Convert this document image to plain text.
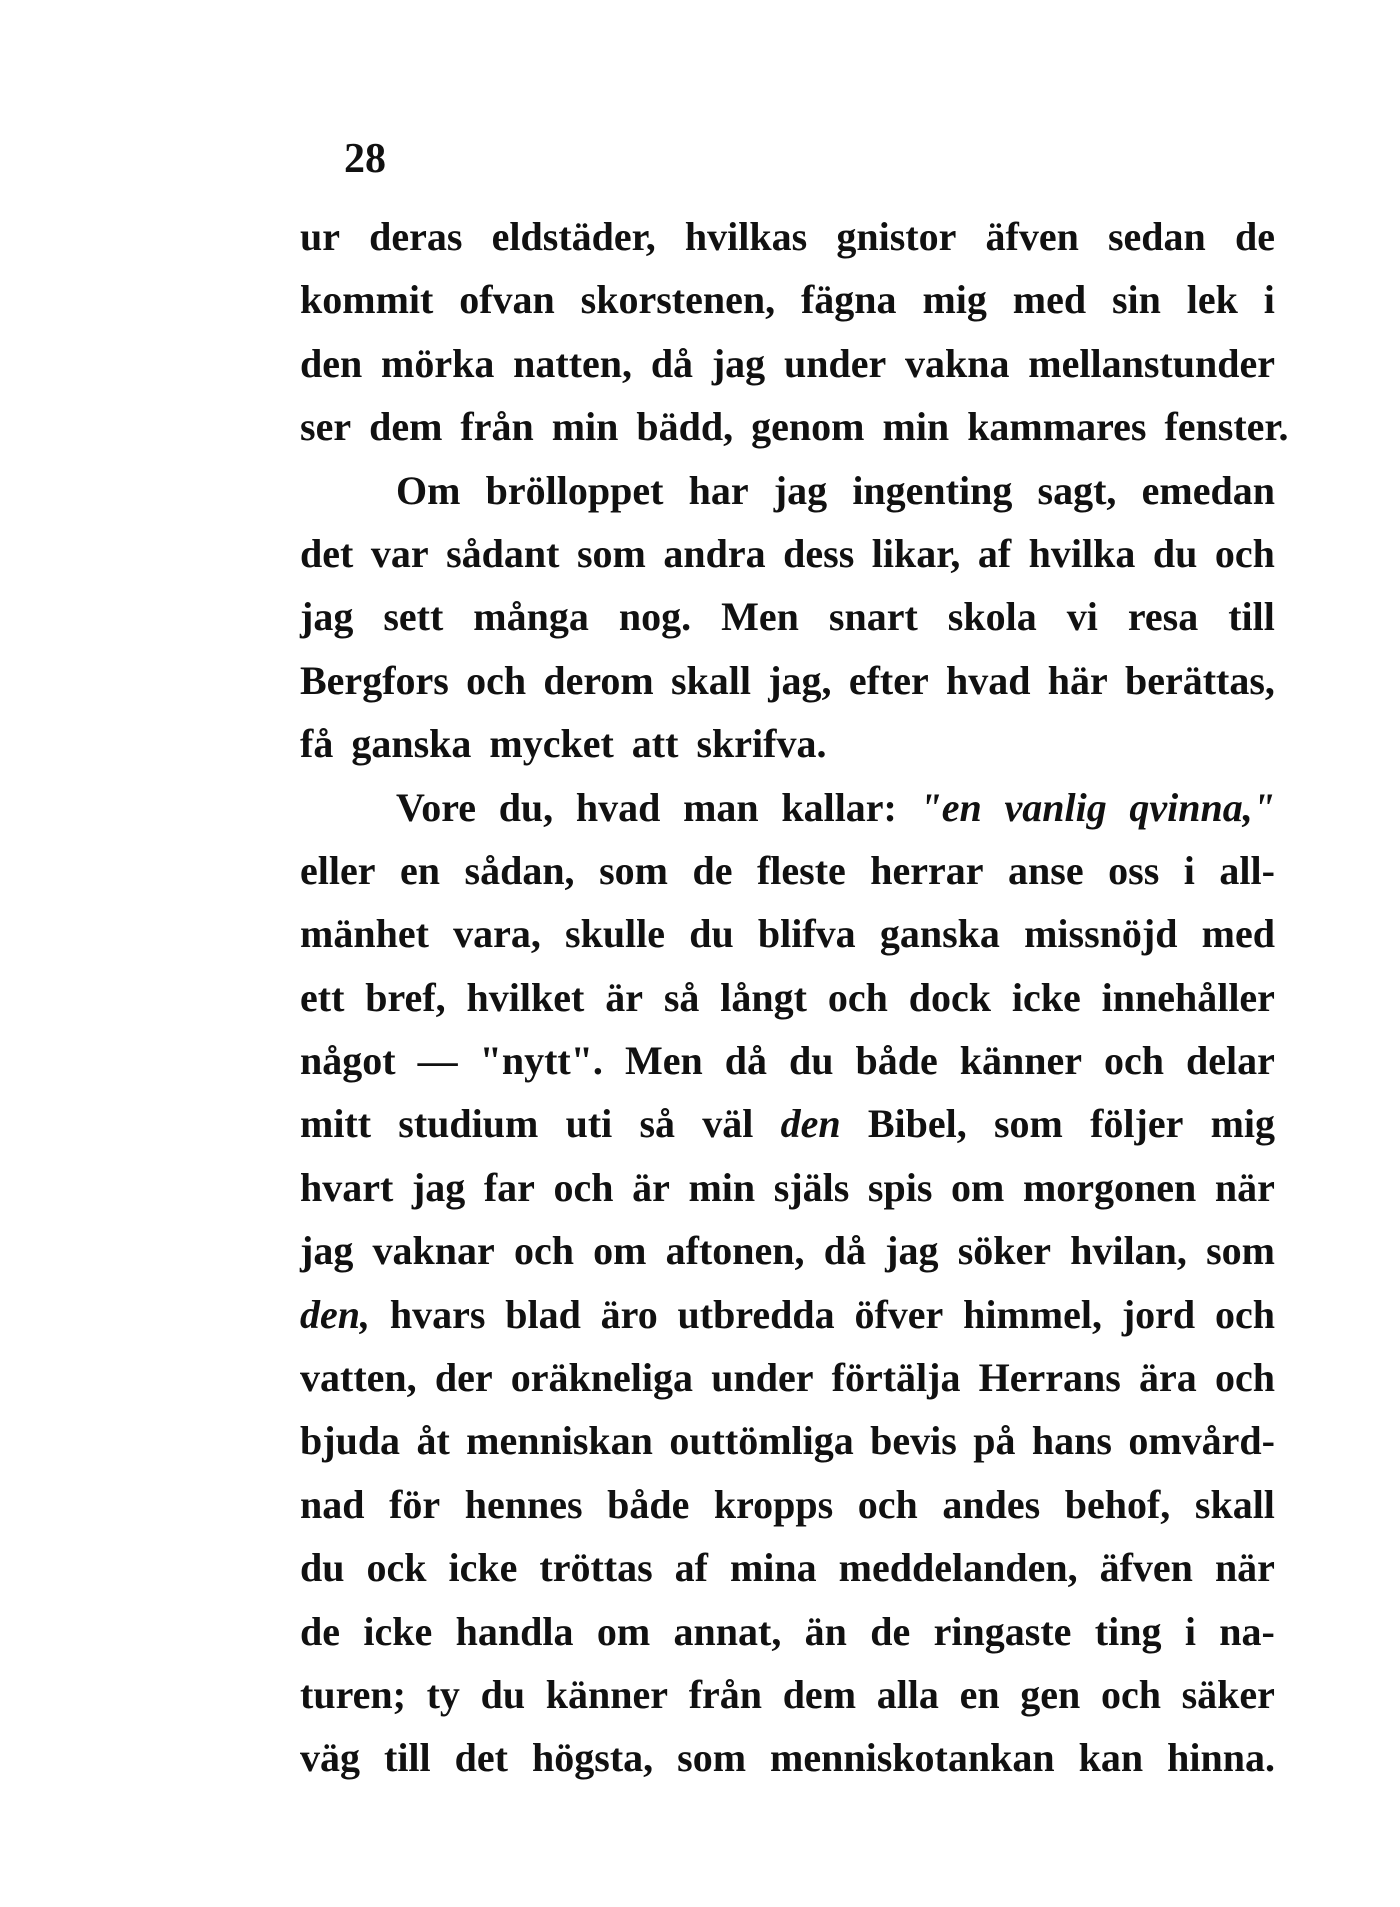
28
ur deras eldstäder, hvilkas gnistor äfven sedan de
kommit ofvan skorstenen, fägna mig med sin lek i
den mörka natten, då jag under vakna mellanstunder
ser dem från min bädd, genom min kammares fenster.
Om brölloppet har jag ingenting sagt, emedan
det var sådant som andra dess likar, af hvilka du och
jag sett många nog. Men snart skola vi resa till
Bergfors och derom skall jag, efter hvad här berättas,
få ganska mycket att skrifva.
Vore du, hvad man kallar: "en vanlig qvinna,"
eller en sådan, som de fleste herrar anse oss i all-
mänhet vara, skulle du blifva ganska missnöjd med
ett bref, hvilket är så långt och dock icke innehåller
något — "nytt". Men då du både känner och delar
mitt studium uti så väl den Bibel, som följer mig
hvart jag far och är min själs spis om morgonen när
jag vaknar och om aftonen, då jag söker hvilan, som
den, hvars blad äro utbredda öfver himmel, jord och
vatten, der oräkneliga under förtälja Herrans ära och
bjuda åt menniskan outtömliga bevis på hans omvård-
nad för hennes både kropps och andes behof, skall
du ock icke tröttas af mina meddelanden, äfven när
de icke handla om annat, än de ringaste ting i na-
turen; ty du känner från dem alla en gen och säker
väg till det högsta, som menniskotankan kan hinna.
